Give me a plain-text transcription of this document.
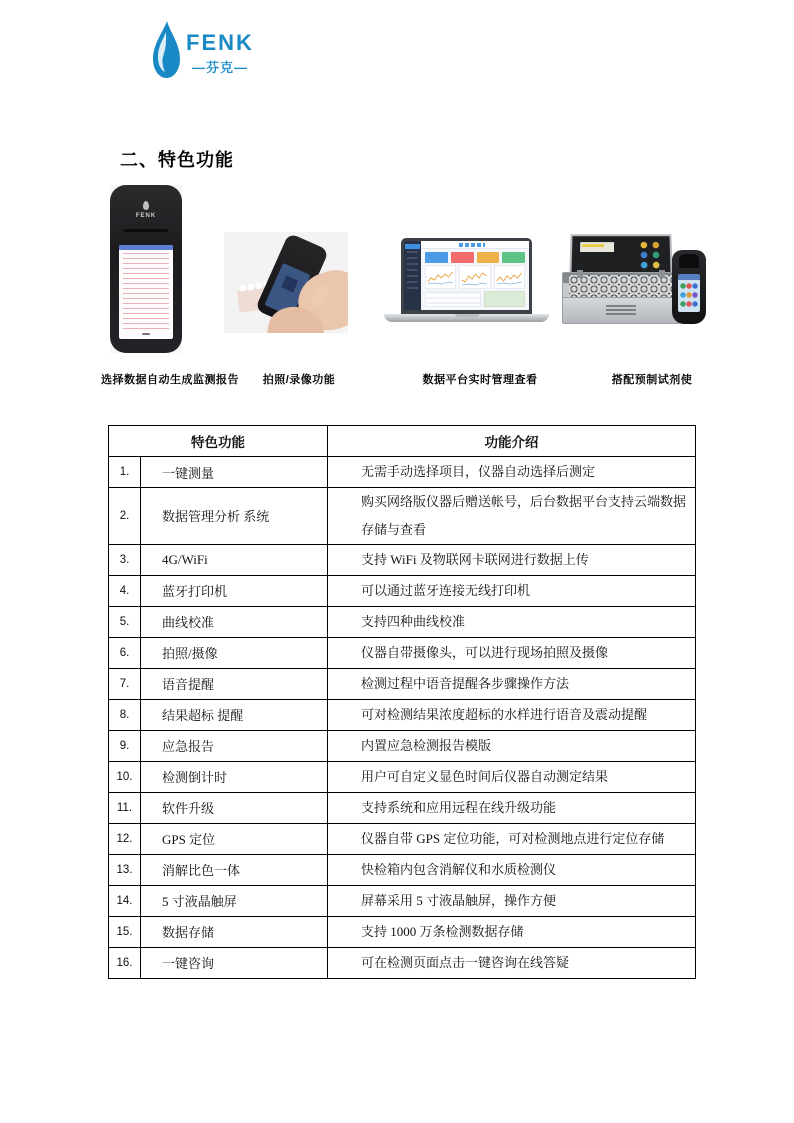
FENK
—芬克—
二、特色功能
FENK
选择数据自动生成监测报告 拍照/录像功能	数据平台实时管理查看	搭配预制试剂使
特色功能		功能介绍
1.	一键测量	无需手动选择项目，仪器自动选择后测定
2.	数据管理分析 系统	购买网络版仪器后赠送帐号，后台数据平台支持云端数据存储与查看
3.	4G/WiFi	支持 WiFi 及物联网卡联网进行数据上传
4.	蓝牙打印机	可以通过蓝牙连接无线打印机
5.	曲线校准	支持四种曲线校准
6.	拍照/摄像	仪器自带摄像头，可以进行现场拍照及摄像
7.	语音提醒	检测过程中语音提醒各步骤操作方法
8.	结果超标 提醒	可对检测结果浓度超标的水样进行语音及震动提醒
9.	应急报告	内置应急检测报告模版
10.	检测倒计时	用户可自定义显色时间后仪器自动测定结果
11.	软件升级	支持系统和应用远程在线升级功能
12.	GPS 定位	仪器自带 GPS 定位功能，可对检测地点进行定位存储
13.	消解比色一体	快检箱内包含消解仪和水质检测仪
14.	5 寸液晶触屏	屏幕采用 5 寸液晶触屏，操作方便
15.	数据存储	支持 1000 万条检测数据存储
16.	一键咨询	可在检测页面点击一键咨询在线答疑
